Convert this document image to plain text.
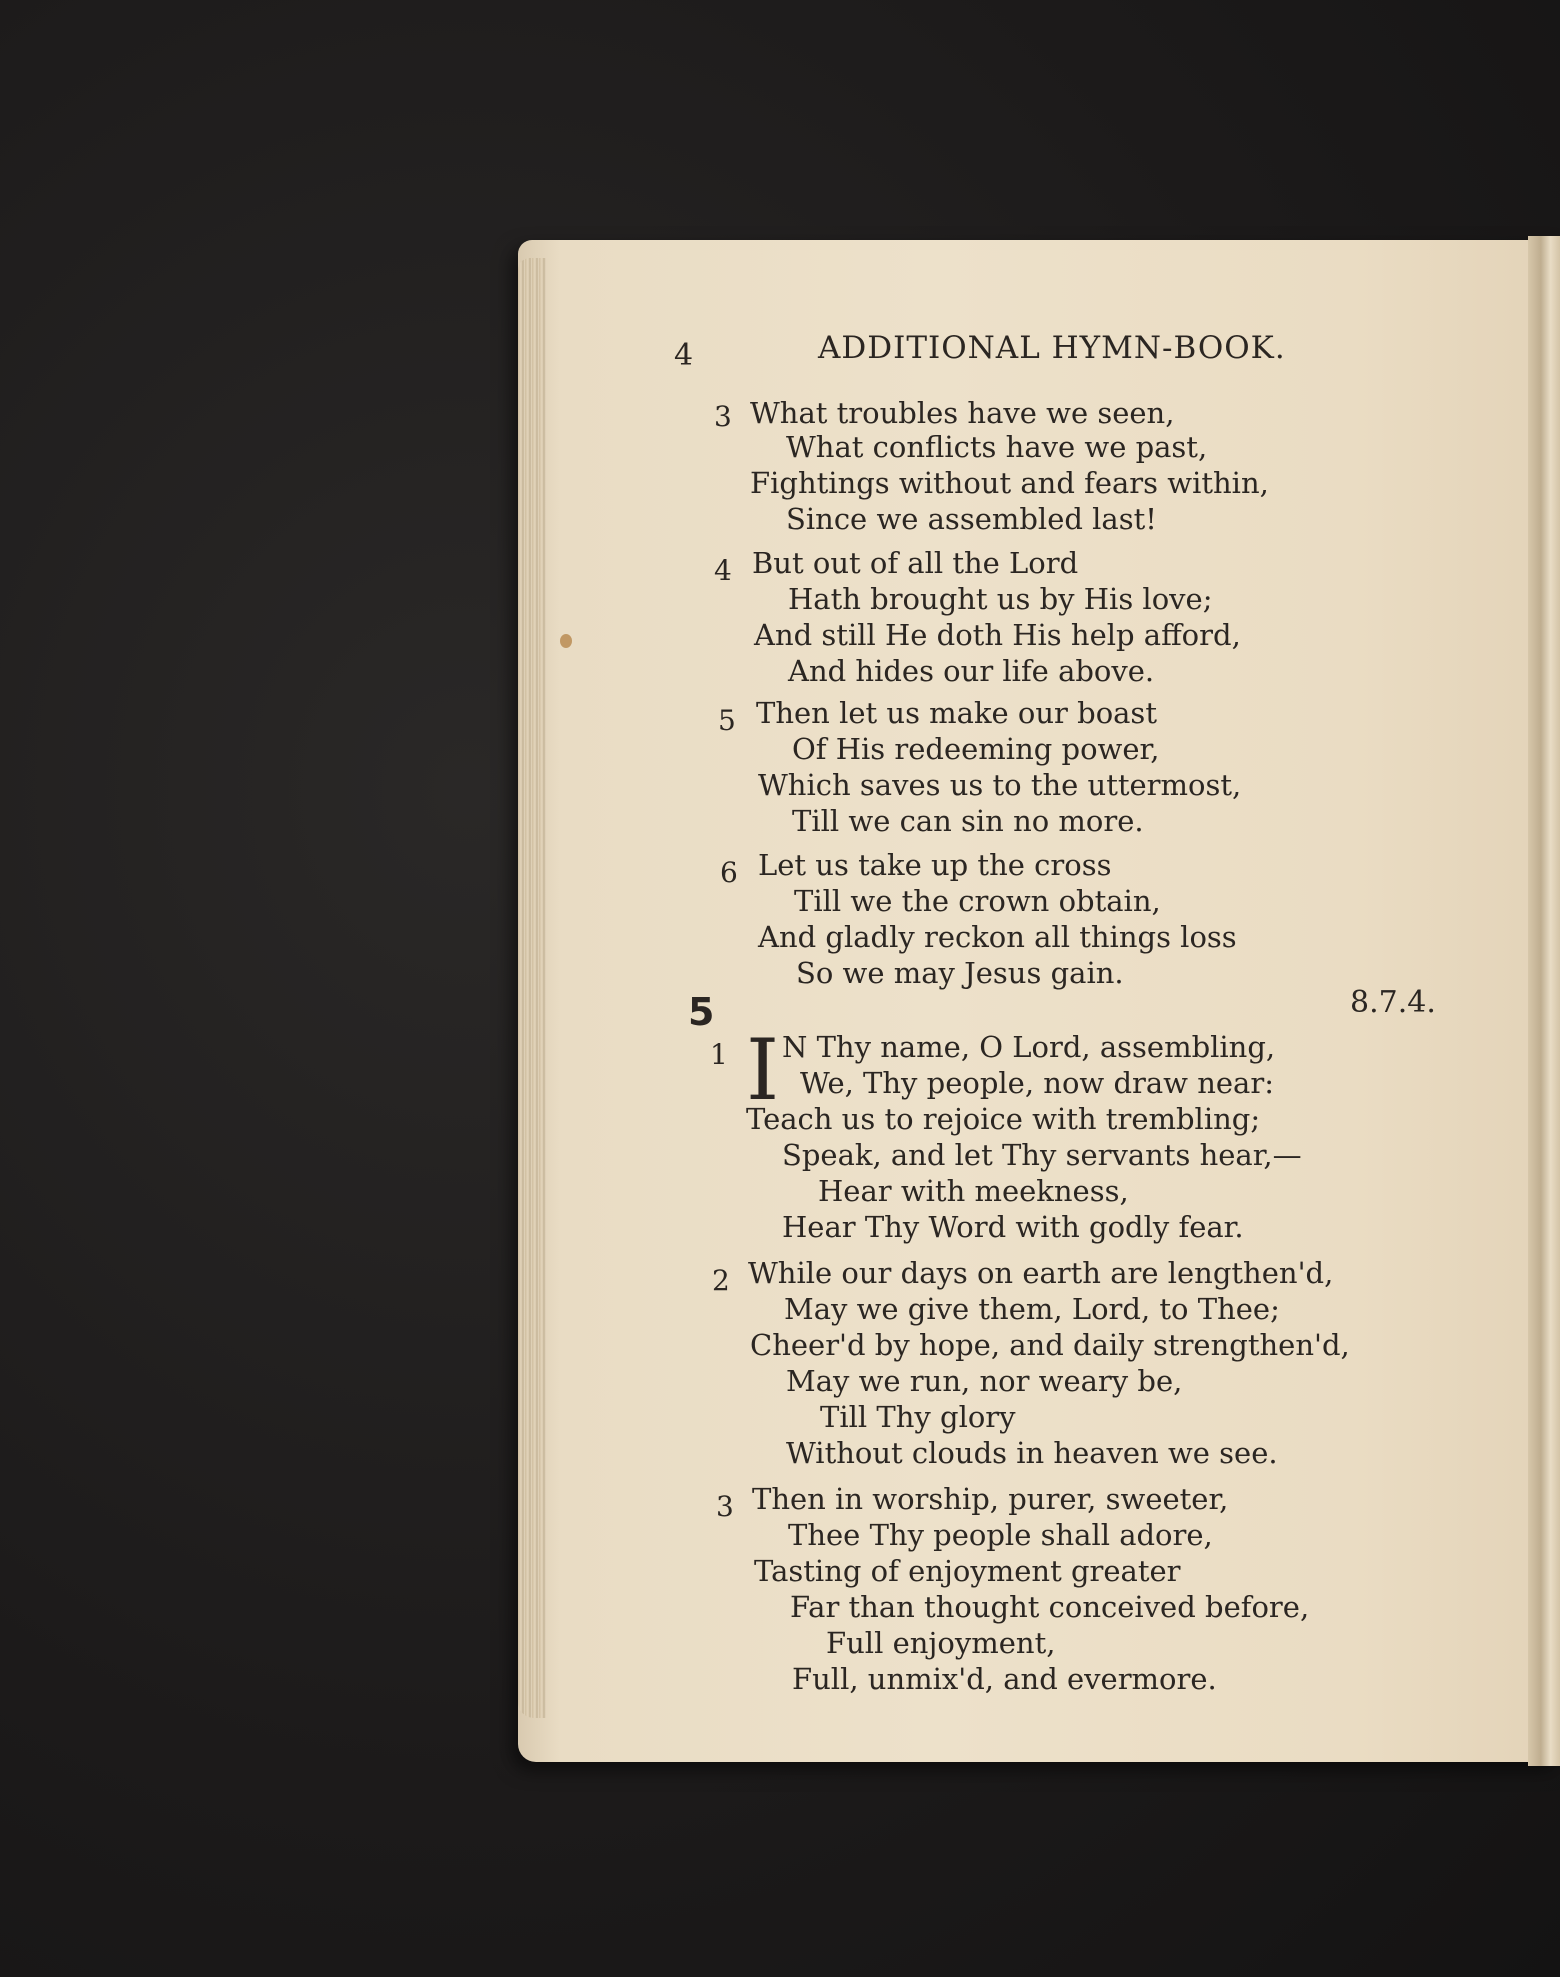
4	ADDITIONAL HYMN-BOOK.
3 What troubles have we seen,
What conflicts have we past,
Fightings without and fears within,
Since we assembled last!
4 But out of all the Lord
Hath brought us by His love;
And still He doth His help afford,
And hides our life above.
5 Then let us make our boast
Of His redeeming power,
Which saves us to the uttermost,
Till we can sin no more.
6 Let us take up the cross
Till we the crown obtain,
And gladly reckon all things loss
So we may Jesus gain.
5	8.7.4.
1 I N Thy name, O Lord, assembling,
We, Thy people, now draw near:
Teach us to rejoice with trembling;
Speak, and let Thy servants hear,—
Hear with meekness,
Hear Thy Word with godly fear.
2 While our days on earth are lengthen'd,
May we give them, Lord, to Thee;
Cheer'd by hope, and daily strengthen'd,
May we run, nor weary be,
Till Thy glory
Without clouds in heaven we see.
3 Then in worship, purer, sweeter,
Thee Thy people shall adore,
Tasting of enjoyment greater
Far than thought conceived before,
Full enjoyment,
Full, unmix'd, and evermore.
